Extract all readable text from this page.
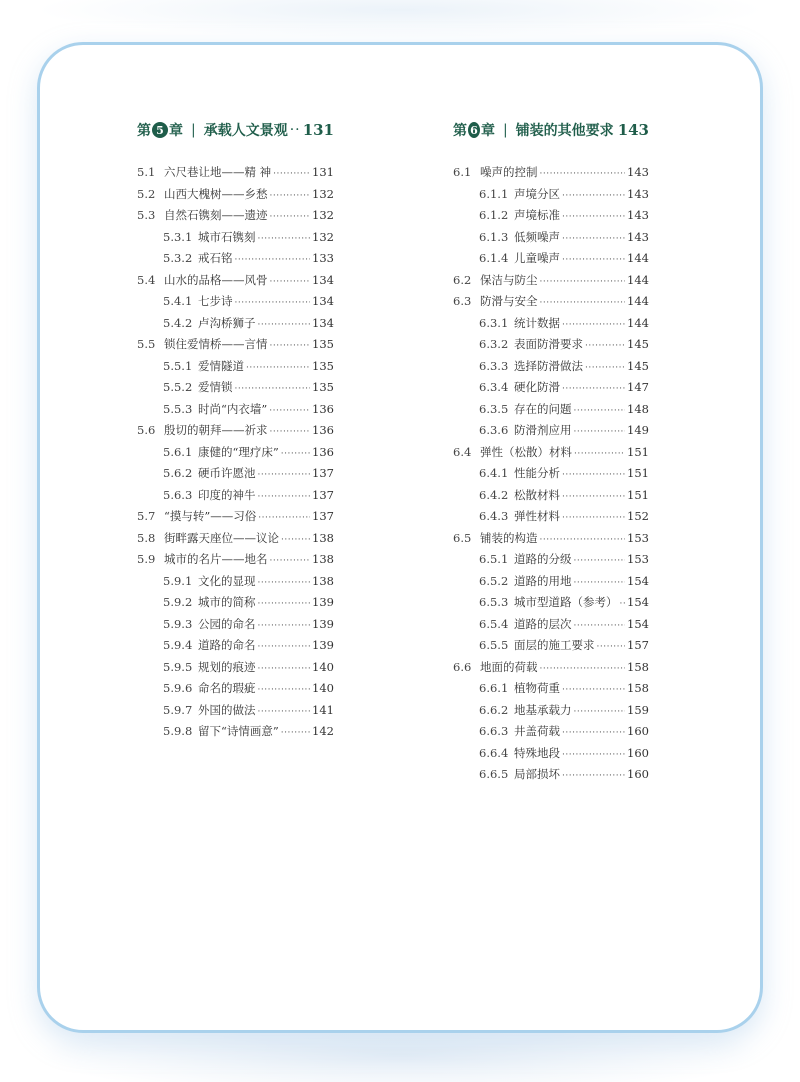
第 5 章 | 承载人文景观 ····· 131
5.1 六尺巷让地——精 神 ·····	131
5.2 山西大槐树——乡愁 ·····	132
5.3 自然石镌刻——遗迹 ·····	132
5.3.1 城市石镌刻 ·····	132
5.3.2 戒石铭 ·····	133
5.4 山水的品格——风骨 ·····	134
5.4.1 七步诗 ·····	134
5.4.2 卢沟桥狮子 ·····	134
5.5 锁住爱情桥——言情 ·····	135
5.5.1 爱情隧道 ·····	135
5.5.2 爱情锁 ·····	135
5.5.3 时尚“内衣墙” ·····	136
5.6 殷切的朝拜——祈求 ·····	136
5.6.1 康健的“理疗床” ·····	136
5.6.2 硬币许愿池 ·····	137
5.6.3 印度的神牛 ·····	137
5.7 “摸与转”——习俗 ·····	137
5.8 街畔露天座位——议论 ·····	138
5.9 城市的名片——地名 ·····	138
5.9.1 文化的显现 ·····	138
5.9.2 城市的简称 ·····	139
5.9.3 公园的命名 ·····	139
5.9.4 道路的命名 ·····	139
5.9.5 规划的痕迹 ·····	140
5.9.6 命名的瑕疵 ·····	140
5.9.7 外国的做法 ·····	141
5.9.8 留下“诗情画意” ·····	142
第 6 章 | 铺装的其他要求 143
6.1 噪声的控制 ·····	143
6.1.1 声境分区 ·····	143
6.1.2 声境标准 ·····	143
6.1.3 低频噪声 ·····	143
6.1.4 儿童噪声 ·····	144
6.2 保洁与防尘 ·····	144
6.3 防滑与安全 ·····	144
6.3.1 统计数据 ·····	144
6.3.2 表面防滑要求 ·····	145
6.3.3 选择防滑做法 ·····	145
6.3.4 硬化防滑 ·····	147
6.3.5 存在的问题 ·····	148
6.3.6 防滑剂应用 ·····	149
6.4 弹性（松散）材料 ·····	151
6.4.1 性能分析 ·····	151
6.4.2 松散材料 ·····	151
6.4.3 弹性材料 ·····	152
6.5 铺装的构造 ·····	153
6.5.1 道路的分级 ·····	153
6.5.2 道路的用地 ·····	154
6.5.3 城市型道路（参考） ····· 154
6.5.4 道路的层次 ·····	154
6.5.5 面层的施工要求 ·····	157
6.6 地面的荷载 ·····	158
6.6.1 植物荷重 ·····	158
6.6.2 地基承载力 ·····	159
6.6.3 井盖荷载 ·····	160
6.6.4 特殊地段 ·····	160
6.6.5 局部损坏 ·····	160
